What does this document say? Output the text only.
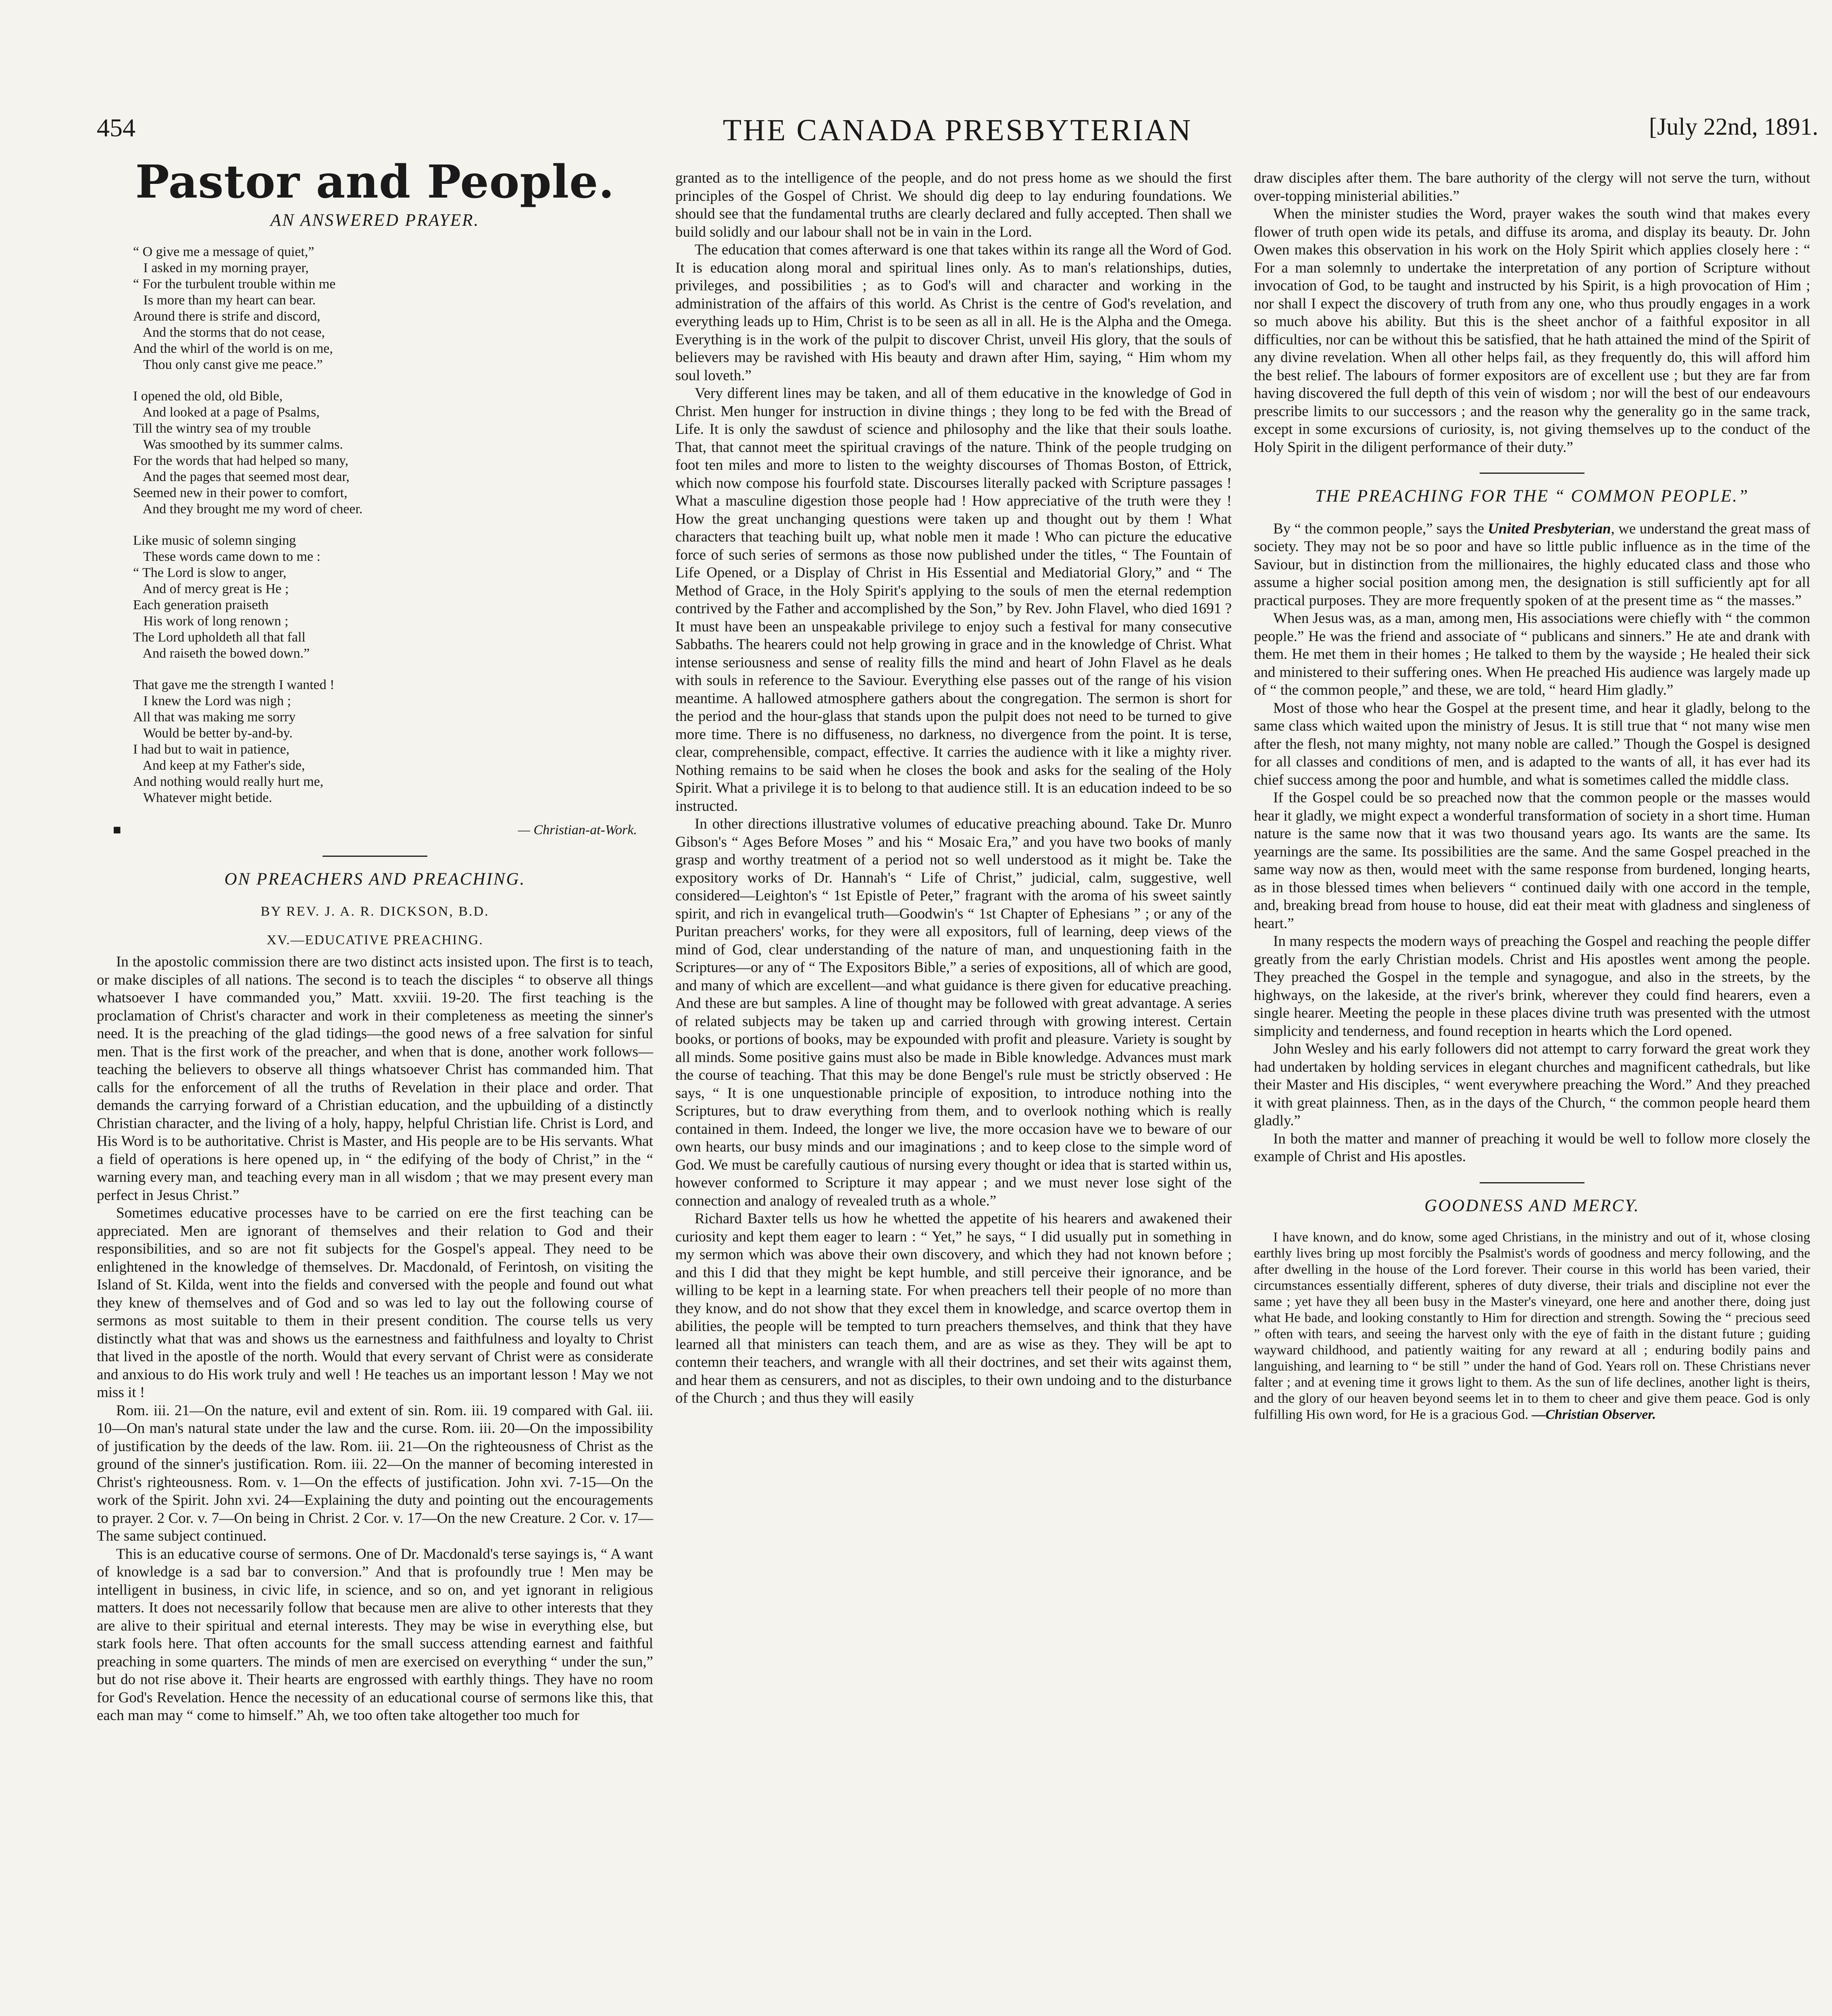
454	THE CANADA PRESBYTERIAN	[July 22nd, 1891.
Pastor and People.
AN ANSWERED PRAYER.
“ O give me a message of quiet,”
I asked in my morning prayer,
“ For the turbulent trouble within me
Is more than my heart can bear.
Around there is strife and discord,
And the storms that do not cease,
And the whirl of the world is on me,
Thou only canst give me peace.”
I opened the old, old Bible,
And looked at a page of Psalms,
Till the wintry sea of my trouble
Was smoothed by its summer calms.
For the words that had helped so many,
And the pages that seemed most dear,
Seemed new in their power to comfort,
And they brought me my word of cheer.
Like music of solemn singing
These words came down to me :
“ The Lord is slow to anger,
And of mercy great is He ;
Each generation praiseth
His work of long renown ;
The Lord upholdeth all that fall
And raiseth the bowed down.”
That gave me the strength I wanted !
I knew the Lord was nigh ;
All that was making me sorry
Would be better by-and-by.
I had but to wait in patience,
And keep at my Father's side,
And nothing would really hurt me,
Whatever might betide.
■ — Christian-at-Work.
ON PREACHERS AND PREACHING.
BY REV. J. A. R. DICKSON, B.D.
XV.—EDUCATIVE PREACHING.

In the apostolic commission there are two distinct acts insisted upon. The first is to teach, or make disciples of all nations. The second is to teach the disciples “ to observe all things whatsoever I have commanded you,” Matt. xxviii. 19-20. The first teaching is the proclamation of Christ's character and work in their completeness as meeting the sinner's need. It is the preaching of the glad tidings—the good news of a free salvation for sinful men. That is the first work of the preacher, and when that is done, another work follows—teaching the believers to observe all things whatsoever Christ has commanded him. That calls for the enforcement of all the truths of Revelation in their place and order. That demands the carrying forward of a Christian education, and the upbuilding of a distinctly Christian character, and the living of a holy, happy, helpful Christian life. Christ is Lord, and His Word is to be authoritative. Christ is Master, and His people are to be His servants. What a field of operations is here opened up, in “ the edifying of the body of Christ,” in the “ warning every man, and teaching every man in all wisdom ; that we may present every man perfect in Jesus Christ.”

Sometimes educative processes have to be carried on ere the first teaching can be appreciated. Men are ignorant of themselves and their relation to God and their responsibilities, and so are not fit subjects for the Gospel's appeal. They need to be enlightened in the knowledge of themselves. Dr. Macdonald, of Ferintosh, on visiting the Island of St. Kilda, went into the fields and conversed with the people and found out what they knew of themselves and of God and so was led to lay out the following course of sermons as most suitable to them in their present condition. The course tells us very distinctly what that was and shows us the earnestness and faithfulness and loyalty to Christ that lived in the apostle of the north. Would that every servant of Christ were as considerate and anxious to do His work truly and well ! He teaches us an important lesson ! May we not miss it !

Rom. iii. 21—On the nature, evil and extent of sin. Rom. iii. 19 compared with Gal. iii. 10—On man's natural state under the law and the curse. Rom. iii. 20—On the impossibility of justification by the deeds of the law. Rom. iii. 21—On the righteousness of Christ as the ground of the sinner's justification. Rom. iii. 22—On the manner of becoming interested in Christ's righteousness. Rom. v. 1—On the effects of justification. John xvi. 7-15—On the work of the Spirit. John xvi. 24—Explaining the duty and pointing out the encouragements to prayer. 2 Cor. v. 7—On being in Christ. 2 Cor. v. 17—On the new Creature. 2 Cor. v. 17—The same subject continued.

This is an educative course of sermons. One of Dr. Macdonald's terse sayings is, “ A want of knowledge is a sad bar to conversion.” And that is profoundly true ! Men may be intelligent in business, in civic life, in science, and so on, and yet ignorant in religious matters. It does not necessarily follow that because men are alive to other interests that they are alive to their spiritual and eternal interests. They may be wise in everything else, but stark fools here. That often accounts for the small success attending earnest and faithful preaching in some quarters. The minds of men are exercised on everything “ under the sun,” but do not rise above it. Their hearts are engrossed with earthly things. They have no room for God's Revelation. Hence the necessity of an educational course of sermons like this, that each man may “ come to himself.” Ah, we too often take altogether too much for

granted as to the intelligence of the people, and do not press home as we should the first principles of the Gospel of Christ. We should dig deep to lay enduring foundations. We should see that the fundamental truths are clearly declared and fully accepted. Then shall we build solidly and our labour shall not be in vain in the Lord.

The education that comes afterward is one that takes within its range all the Word of God. It is education along moral and spiritual lines only. As to man's relationships, duties, privileges, and possibilities ; as to God's will and character and working in the administration of the affairs of this world. As Christ is the centre of God's revelation, and everything leads up to Him, Christ is to be seen as all in all. He is the Alpha and the Omega. Everything is in the work of the pulpit to discover Christ, unveil His glory, that the souls of believers may be ravished with His beauty and drawn after Him, saying, “ Him whom my soul loveth.”

Very different lines may be taken, and all of them educative in the knowledge of God in Christ. Men hunger for instruction in divine things ; they long to be fed with the Bread of Life. It is only the sawdust of science and philosophy and the like that their souls loathe. That, that cannot meet the spiritual cravings of the nature. Think of the people trudging on foot ten miles and more to listen to the weighty discourses of Thomas Boston, of Ettrick, which now compose his fourfold state. Discourses literally packed with Scripture passages ! What a masculine digestion those people had ! How appreciative of the truth were they ! How the great unchanging questions were taken up and thought out by them ! What characters that teaching built up, what noble men it made ! Who can picture the educative force of such series of sermons as those now published under the titles, “ The Fountain of Life Opened, or a Display of Christ in His Essential and Mediatorial Glory,” and “ The Method of Grace, in the Holy Spirit's applying to the souls of men the eternal redemption contrived by the Father and accomplished by the Son,” by Rev. John Flavel, who died 1691 ? It must have been an unspeakable privilege to enjoy such a festival for many consecutive Sabbaths. The hearers could not help growing in grace and in the knowledge of Christ. What intense seriousness and sense of reality fills the mind and heart of John Flavel as he deals with souls in reference to the Saviour. Everything else passes out of the range of his vision meantime. A hallowed atmosphere gathers about the congregation. The sermon is short for the period and the hour-glass that stands upon the pulpit does not need to be turned to give more time. There is no diffuseness, no darkness, no divergence from the point. It is terse, clear, comprehensible, compact, effective. It carries the audience with it like a mighty river. Nothing remains to be said when he closes the book and asks for the sealing of the Holy Spirit. What a privilege it is to belong to that audience still. It is an education indeed to be so instructed.

In other directions illustrative volumes of educative preaching abound. Take Dr. Munro Gibson's “ Ages Before Moses ” and his “ Mosaic Era,” and you have two books of manly grasp and worthy treatment of a period not so well understood as it might be. Take the expository works of Dr. Hannah's “ Life of Christ,” judicial, calm, suggestive, well considered—Leighton's “ 1st Epistle of Peter,” fragrant with the aroma of his sweet saintly spirit, and rich in evangelical truth—Goodwin's “ 1st Chapter of Ephesians ” ; or any of the Puritan preachers' works, for they were all expositors, full of learning, deep views of the mind of God, clear understanding of the nature of man, and unquestioning faith in the Scriptures—or any of “ The Expositors Bible,” a series of expositions, all of which are good, and many of which are excellent—and what guidance is there given for educative preaching. And these are but samples. A line of thought may be followed with great advantage. A series of related subjects may be taken up and carried through with growing interest. Certain books, or portions of books, may be expounded with profit and pleasure. Variety is sought by all minds. Some positive gains must also be made in Bible knowledge. Advances must mark the course of teaching. That this may be done Bengel's rule must be strictly observed : He says, “ It is one unquestionable principle of exposition, to introduce nothing into the Scriptures, but to draw everything from them, and to overlook nothing which is really contained in them. Indeed, the longer we live, the more occasion have we to beware of our own hearts, our busy minds and our imaginations ; and to keep close to the simple word of God. We must be carefully cautious of nursing every thought or idea that is started within us, however conformed to Scripture it may appear ; and we must never lose sight of the connection and analogy of revealed truth as a whole.”

Richard Baxter tells us how he whetted the appetite of his hearers and awakened their curiosity and kept them eager to learn : “ Yet,” he says, “ I did usually put in something in my sermon which was above their own discovery, and which they had not known before ; and this I did that they might be kept humble, and still perceive their ignorance, and be willing to be kept in a learning state. For when preachers tell their people of no more than they know, and do not show that they excel them in knowledge, and scarce overtop them in abilities, the people will be tempted to turn preachers themselves, and think that they have learned all that ministers can teach them, and are as wise as they. They will be apt to contemn their teachers, and wrangle with all their doctrines, and set their wits against them, and hear them as censurers, and not as disciples, to their own undoing and to the disturbance of the Church ; and thus they will easily

draw disciples after them. The bare authority of the clergy will not serve the turn, without over-topping ministerial abilities.”

When the minister studies the Word, prayer wakes the south wind that makes every flower of truth open wide its petals, and diffuse its aroma, and display its beauty. Dr. John Owen makes this observation in his work on the Holy Spirit which applies closely here : “ For a man solemnly to undertake the interpretation of any portion of Scripture without invocation of God, to be taught and instructed by his Spirit, is a high provocation of Him ; nor shall I expect the discovery of truth from any one, who thus proudly engages in a work so much above his ability. But this is the sheet anchor of a faithful expositor in all difficulties, nor can be without this be satisfied, that he hath attained the mind of the Spirit of any divine revelation. When all other helps fail, as they frequently do, this will afford him the best relief. The labours of former expositors are of excellent use ; but they are far from having discovered the full depth of this vein of wisdom ; nor will the best of our endeavours prescribe limits to our successors ; and the reason why the generality go in the same track, except in some excursions of curiosity, is, not giving themselves up to the conduct of the Holy Spirit in the diligent performance of their duty.”

THE PREACHING FOR THE “ COMMON PEOPLE.”

By “ the common people,” says the United Presbyterian, we understand the great mass of society. They may not be so poor and have so little public influence as in the time of the Saviour, but in distinction from the millionaires, the highly educated class and those who assume a higher social position among men, the designation is still sufficiently apt for all practical purposes. They are more frequently spoken of at the present time as “ the masses.”

When Jesus was, as a man, among men, His associations were chiefly with “ the common people.” He was the friend and associate of “ publicans and sinners.” He ate and drank with them. He met them in their homes ; He talked to them by the wayside ; He healed their sick and ministered to their suffering ones. When He preached His audience was largely made up of “ the common people,” and these, we are told, “ heard Him gladly.”

Most of those who hear the Gospel at the present time, and hear it gladly, belong to the same class which waited upon the ministry of Jesus. It is still true that “ not many wise men after the flesh, not many mighty, not many noble are called.” Though the Gospel is designed for all classes and conditions of men, and is adapted to the wants of all, it has ever had its chief success among the poor and humble, and what is sometimes called the middle class.

If the Gospel could be so preached now that the common people or the masses would hear it gladly, we might expect a wonderful transformation of society in a short time. Human nature is the same now that it was two thousand years ago. Its wants are the same. Its yearnings are the same. Its possibilities are the same. And the same Gospel preached in the same way now as then, would meet with the same response from burdened, longing hearts, as in those blessed times when believers “ continued daily with one accord in the temple, and, breaking bread from house to house, did eat their meat with gladness and singleness of heart.”

In many respects the modern ways of preaching the Gospel and reaching the people differ greatly from the early Christian models. Christ and His apostles went among the people. They preached the Gospel in the temple and synagogue, and also in the streets, by the highways, on the lakeside, at the river's brink, wherever they could find hearers, even a single hearer. Meeting the people in these places divine truth was presented with the utmost simplicity and tenderness, and found reception in hearts which the Lord opened.

John Wesley and his early followers did not attempt to carry forward the great work they had undertaken by holding services in elegant churches and magnificent cathedrals, but like their Master and His disciples, “ went everywhere preaching the Word.” And they preached it with great plainness. Then, as in the days of the Church, “ the common people heard them gladly.”

In both the matter and manner of preaching it would be well to follow more closely the example of Christ and His apostles.

GOODNESS AND MERCY.

I have known, and do know, some aged Christians, in the ministry and out of it, whose closing earthly lives bring up most forcibly the Psalmist's words of goodness and mercy following, and the after dwelling in the house of the Lord forever. Their course in this world has been varied, their circumstances essentially different, spheres of duty diverse, their trials and discipline not ever the same ; yet have they all been busy in the Master's vineyard, one here and another there, doing just what He bade, and looking constantly to Him for direction and strength. Sowing the “ precious seed ” often with tears, and seeing the harvest only with the eye of faith in the distant future ; guiding wayward childhood, and patiently waiting for any reward at all ; enduring bodily pains and languishing, and learning to “ be still ” under the hand of God. Years roll on. These Christians never falter ; and at evening time it grows light to them. As the sun of life declines, another light is theirs, and the glory of our heaven beyond seems let in to them to cheer and give them peace. God is only fulfilling His own word, for He is a gracious God. —Christian Observer.
